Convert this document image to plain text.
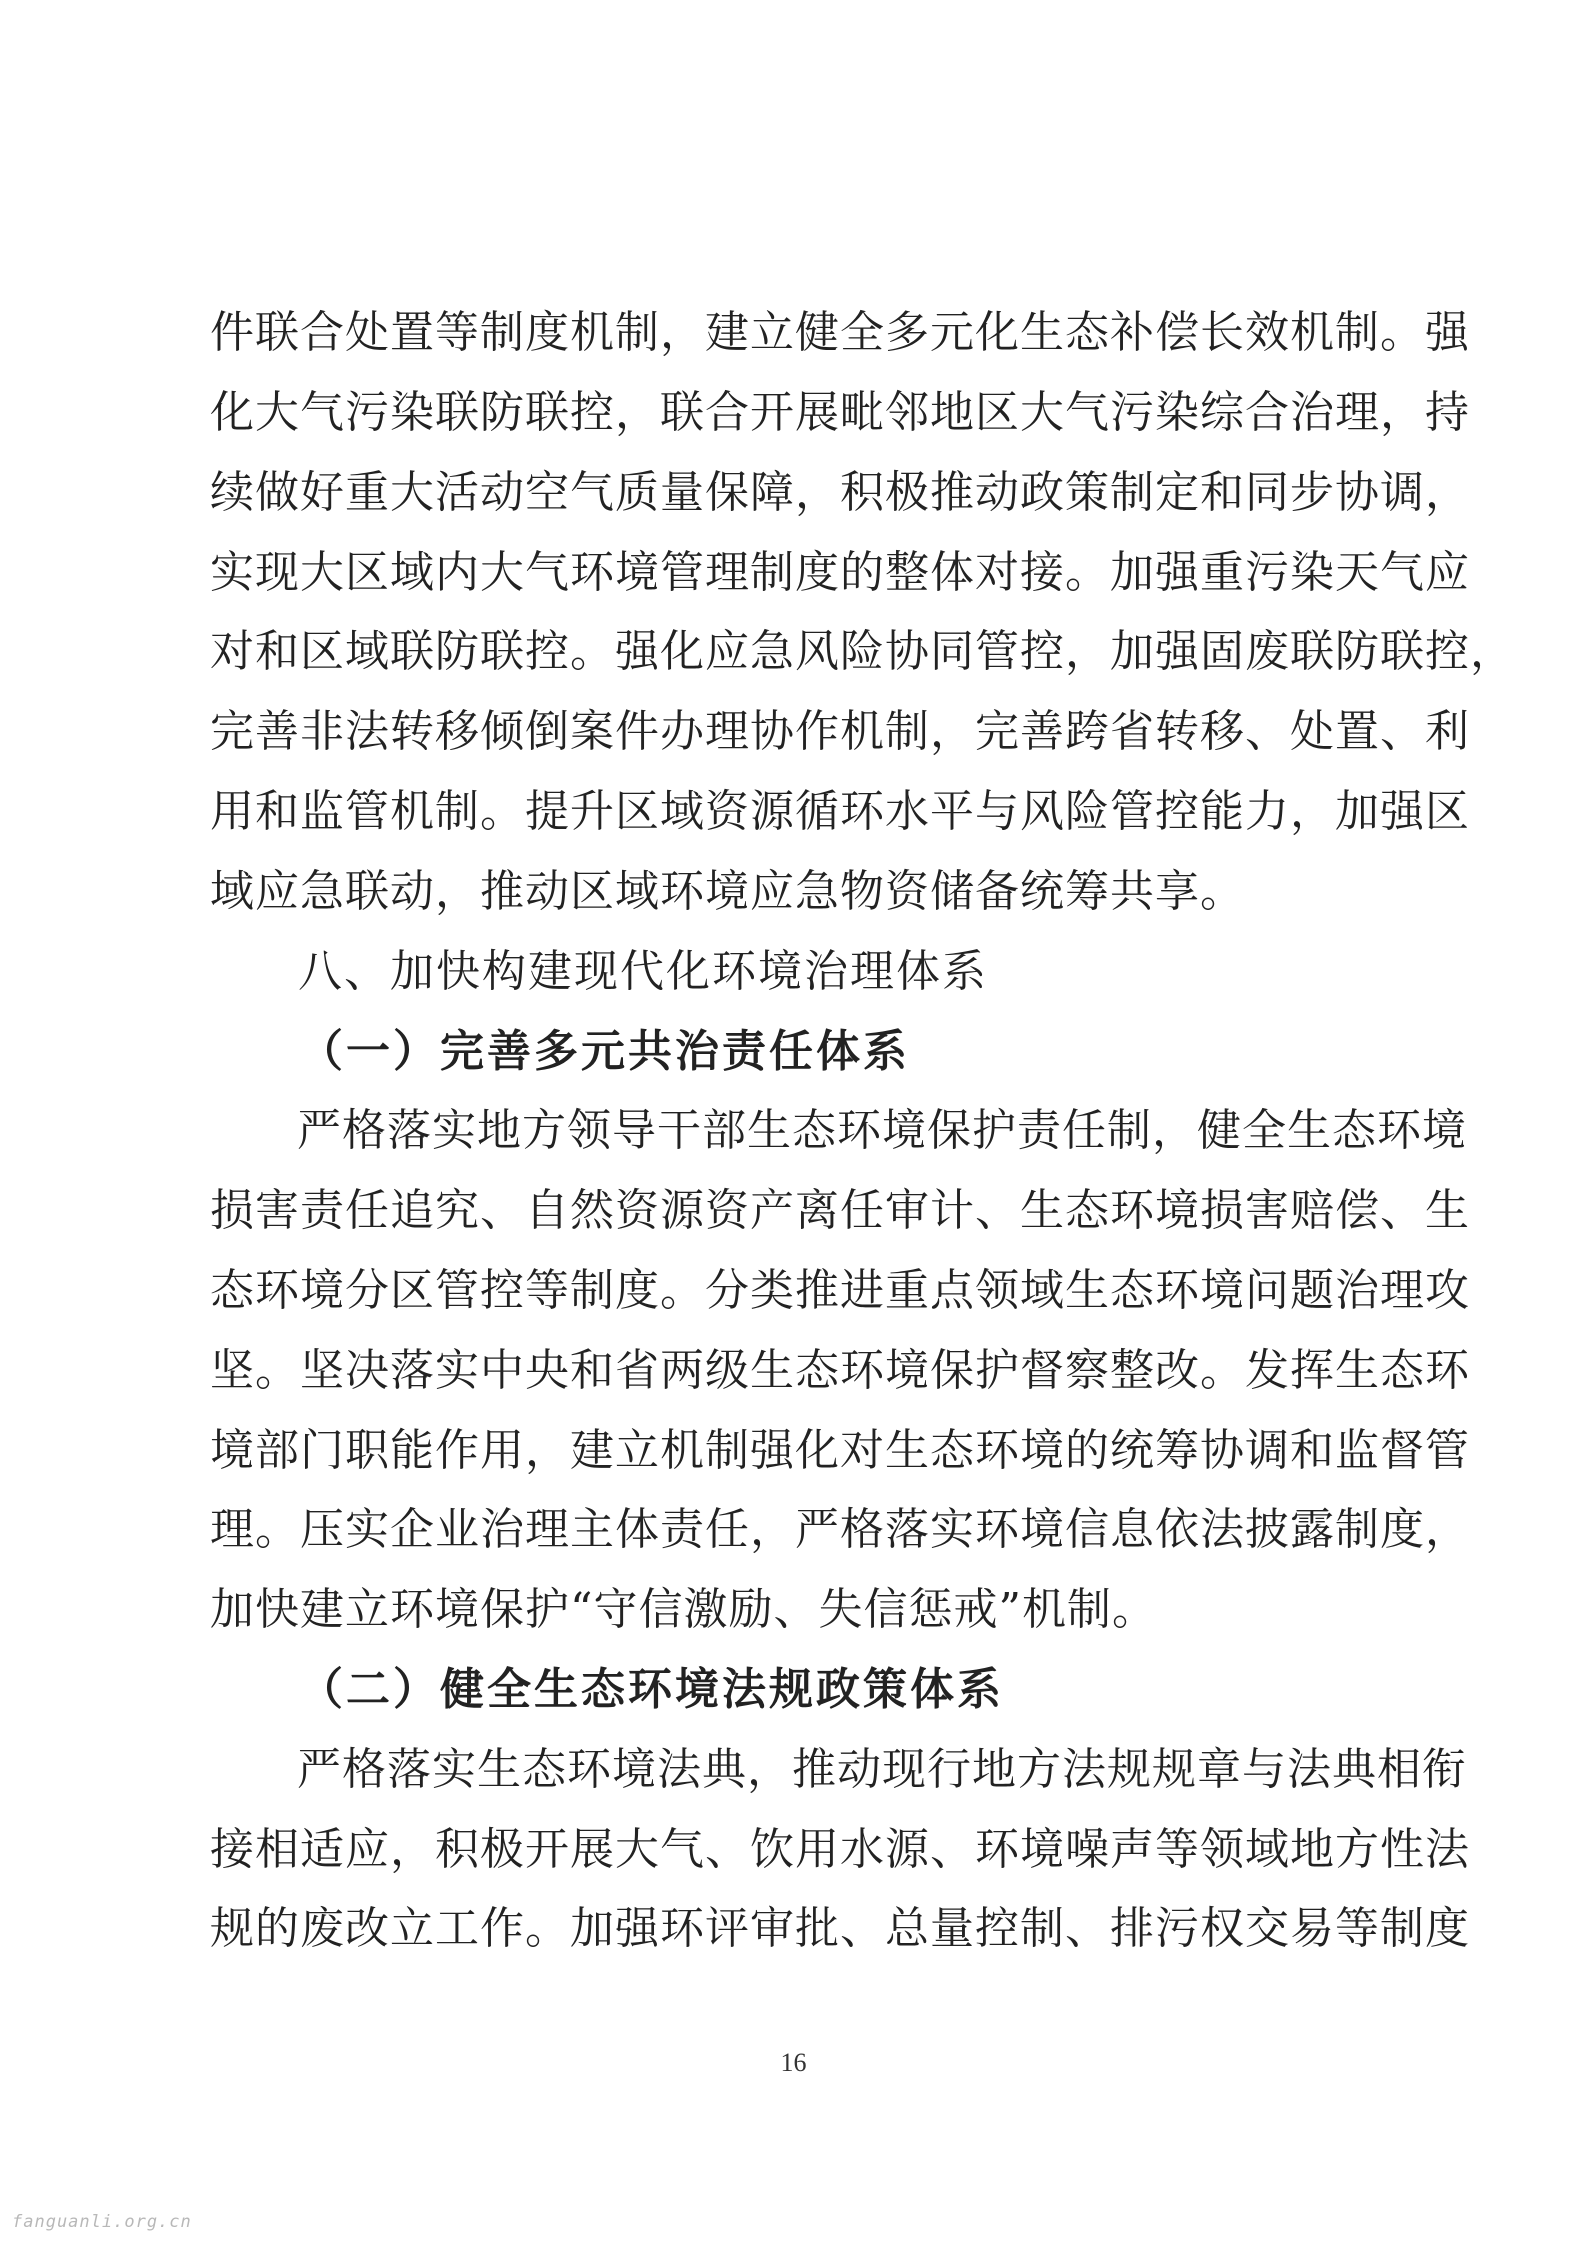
件联合处置等制度机制，建立健全多元化生态补偿长效机制。强
化大气污染联防联控，联合开展毗邻地区大气污染综合治理，持
续做好重大活动空气质量保障，积极推动政策制定和同步协调，
实现大区域内大气环境管理制度的整体对接。加强重污染天气应
对和区域联防联控。强化应急风险协同管控，加强固废联防联控，
完善非法转移倾倒案件办理协作机制，完善跨省转移、处置、利
用和监管机制。提升区域资源循环水平与风险管控能力，加强区
域应急联动，推动区域环境应急物资储备统筹共享。
八、加快构建现代化环境治理体系
（一）完善多元共治责任体系
严格落实地方领导干部生态环境保护责任制，健全生态环境
损害责任追究、自然资源资产离任审计、生态环境损害赔偿、生
态环境分区管控等制度。分类推进重点领域生态环境问题治理攻
坚。坚决落实中央和省两级生态环境保护督察整改。发挥生态环
境部门职能作用，建立机制强化对生态环境的统筹协调和监督管
理。压实企业治理主体责任，严格落实环境信息依法披露制度，
加快建立环境保护“守信激励、失信惩戒”机制。
（二）健全生态环境法规政策体系
严格落实生态环境法典，推动现行地方法规规章与法典相衔
接相适应，积极开展大气、饮用水源、环境噪声等领域地方性法
规的废改立工作。加强环评审批、总量控制、排污权交易等制度
16
fanguanli.org.cn
